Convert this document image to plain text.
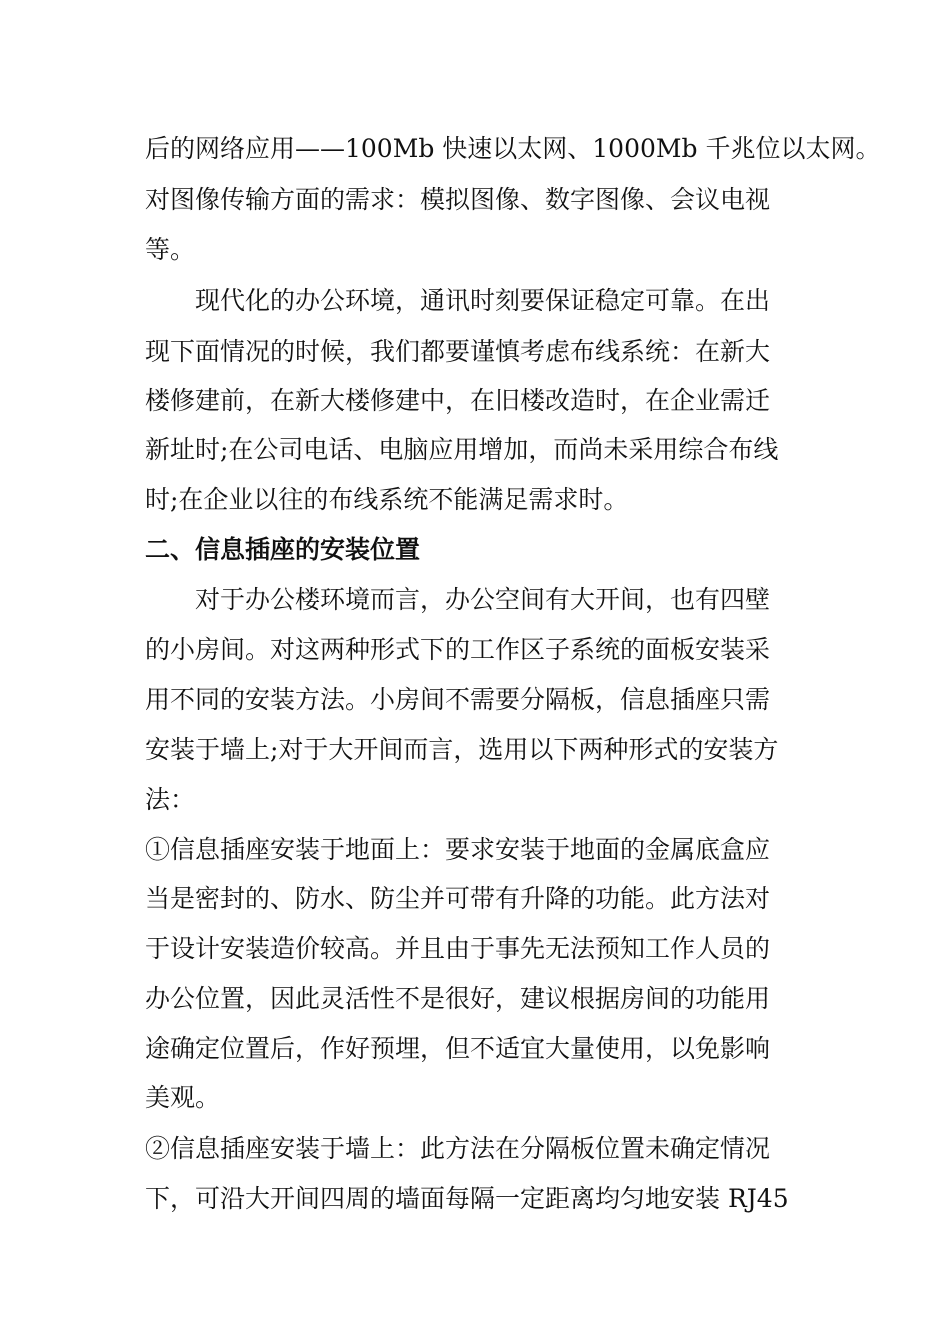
后的网络应用——100Mb 快速以太网、1000Mb 千兆位以太网。
对图像传输方面的需求：模拟图像、数字图像、会议电视
等。
现代化的办公环境，通讯时刻要保证稳定可靠。在出
现下面情况的时候，我们都要谨慎考虑布线系统：在新大
楼修建前，在新大楼修建中，在旧楼改造时，在企业需迁
新址时;在公司电话、电脑应用增加，而尚未采用综合布线
时;在企业以往的布线系统不能满足需求时。
二、信息插座的安装位置
对于办公楼环境而言，办公空间有大开间，也有四壁
的小房间。对这两种形式下的工作区子系统的面板安装采
用不同的安装方法。小房间不需要分隔板，信息插座只需
安装于墙上;对于大开间而言，选用以下两种形式的安装方
法：
①信息插座安装于地面上：要求安装于地面的金属底盒应
当是密封的、防水、防尘并可带有升降的功能。此方法对
于设计安装造价较高。并且由于事先无法预知工作人员的
办公位置，因此灵活性不是很好，建议根据房间的功能用
途确定位置后，作好预埋，但不适宜大量使用，以免影响
美观。
②信息插座安装于墙上：此方法在分隔板位置未确定情况
下，可沿大开间四周的墙面每隔一定距离均匀地安装 RJ45
